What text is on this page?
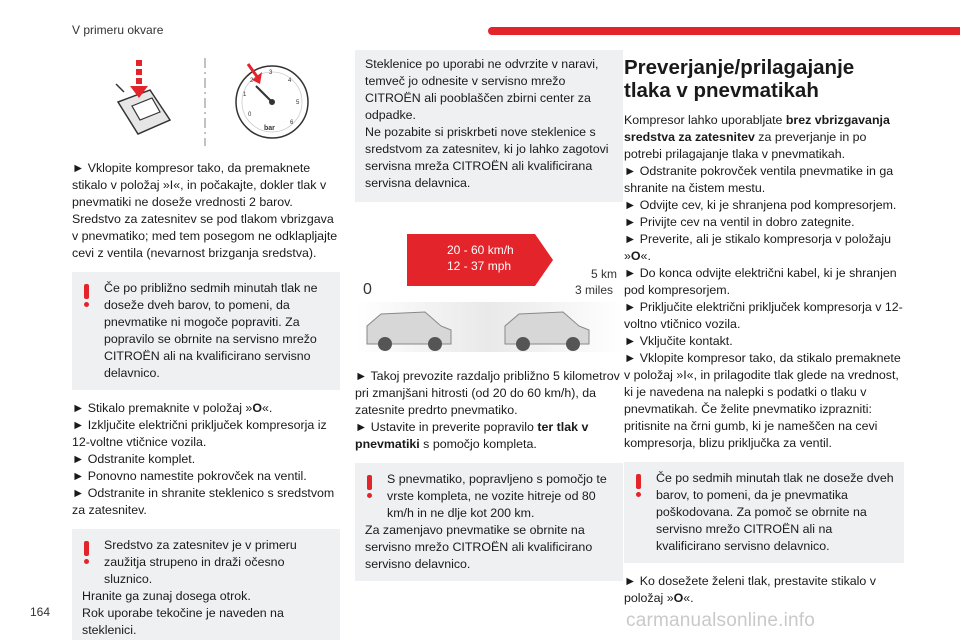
V primeru okvare
1
2
3
4
5
6
0
bar

► Vklopite kompresor tako, da premaknete stikalo v položaj »I«, in počakajte, dokler tlak v pnevmatiki ne doseže vrednosti 2 barov. Sredstvo za zatesnitev se pod tlakom vbrizgava v pnevmatiko; med tem posegom ne odklapljajte cevi z ventila (nevarnost brizganja sredstva).

Če po približno sedmih minutah tlak ne doseže dveh barov, to pomeni, da pnevmatike ni mogoče popraviti. Za popravilo se obrnite na servisno mrežo CITROËN ali na kvalificirano servisno delavnico.

► Stikalo premaknite v položaj »O«.

► Izključite električni priključek kompresorja iz 12-voltne vtičnice vozila.

► Odstranite komplet.

► Ponovno namestite pokrovček na ventil.

► Odstranite in shranite steklenico s sredstvom za zatesnitev.

Sredstvo za zatesnitev je v primeru zaužitja strupeno in draži očesno sluznico.

Hranite ga zunaj dosega otrok.

Rok uporabe tekočine je naveden na steklenici.

Steklenice po uporabi ne odvrzite v naravi, temveč jo odnesite v servisno mrežo CITROËN ali pooblaščen zbirni center za odpadke.

Ne pozabite si priskrbeti nove steklenice s sredstvom za zatesnitev, ki jo lahko zagotovi servisna mreža CITROËN ali kvalificirana servisna delavnica.

20 - 60 km/h
12 - 37 mph
0
5 km
3 miles

► Takoj prevozite razdaljo približno 5 kilometrov pri zmanjšani hitrosti (od 20 do 60 km/h), da zatesnite predrto pnevmatiko.

► Ustavite in preverite popravilo ter tlak v pnevmatiki s pomočjo kompleta.

S pnevmatiko, popravljeno s pomočjo te vrste kompleta, ne vozite hitreje od 80 km/h in ne dlje kot 200 km.

Za zamenjavo pnevmatike se obrnite na servisno mrežo CITROËN ali kvalificirano servisno delavnico.

Preverjanje/prilagajanje tlaka v pnevmatikah

Kompresor lahko uporabljate brez vbrizgavanja sredstva za zatesnitev za preverjanje in po potrebi prilagajanje tlaka v pnevmatikah.

► Odstranite pokrovček ventila pnevmatike in ga shranite na čistem mestu.

► Odvijte cev, ki je shranjena pod kompresorjem.

► Privijte cev na ventil in dobro zategnite.

► Preverite, ali je stikalo kompresorja v položaju »O«.

► Do konca odvijte električni kabel, ki je shranjen pod kompresorjem.

► Priključite električni priključek kompresorja v 12-voltno vtičnico vozila.

► Vključite kontakt.

► Vklopite kompresor tako, da stikalo premaknete v položaj »I«, in prilagodite tlak glede na vrednost, ki je navedena na nalepki s podatki o tlaku v pnevmatikah. Če želite pnevmatiko izprazniti: pritisnite na črni gumb, ki je nameščen na cevi kompresorja, blizu priključka za ventil.

Če po sedmih minutah tlak ne doseže dveh barov, to pomeni, da je pnevmatika poškodovana. Za pomoč se obrnite na servisno mrežo CITROËN ali na kvalificirano servisno delavnico.

► Ko dosežete želeni tlak, prestavite stikalo v položaj »O«.

164	carmanualsonline.info
